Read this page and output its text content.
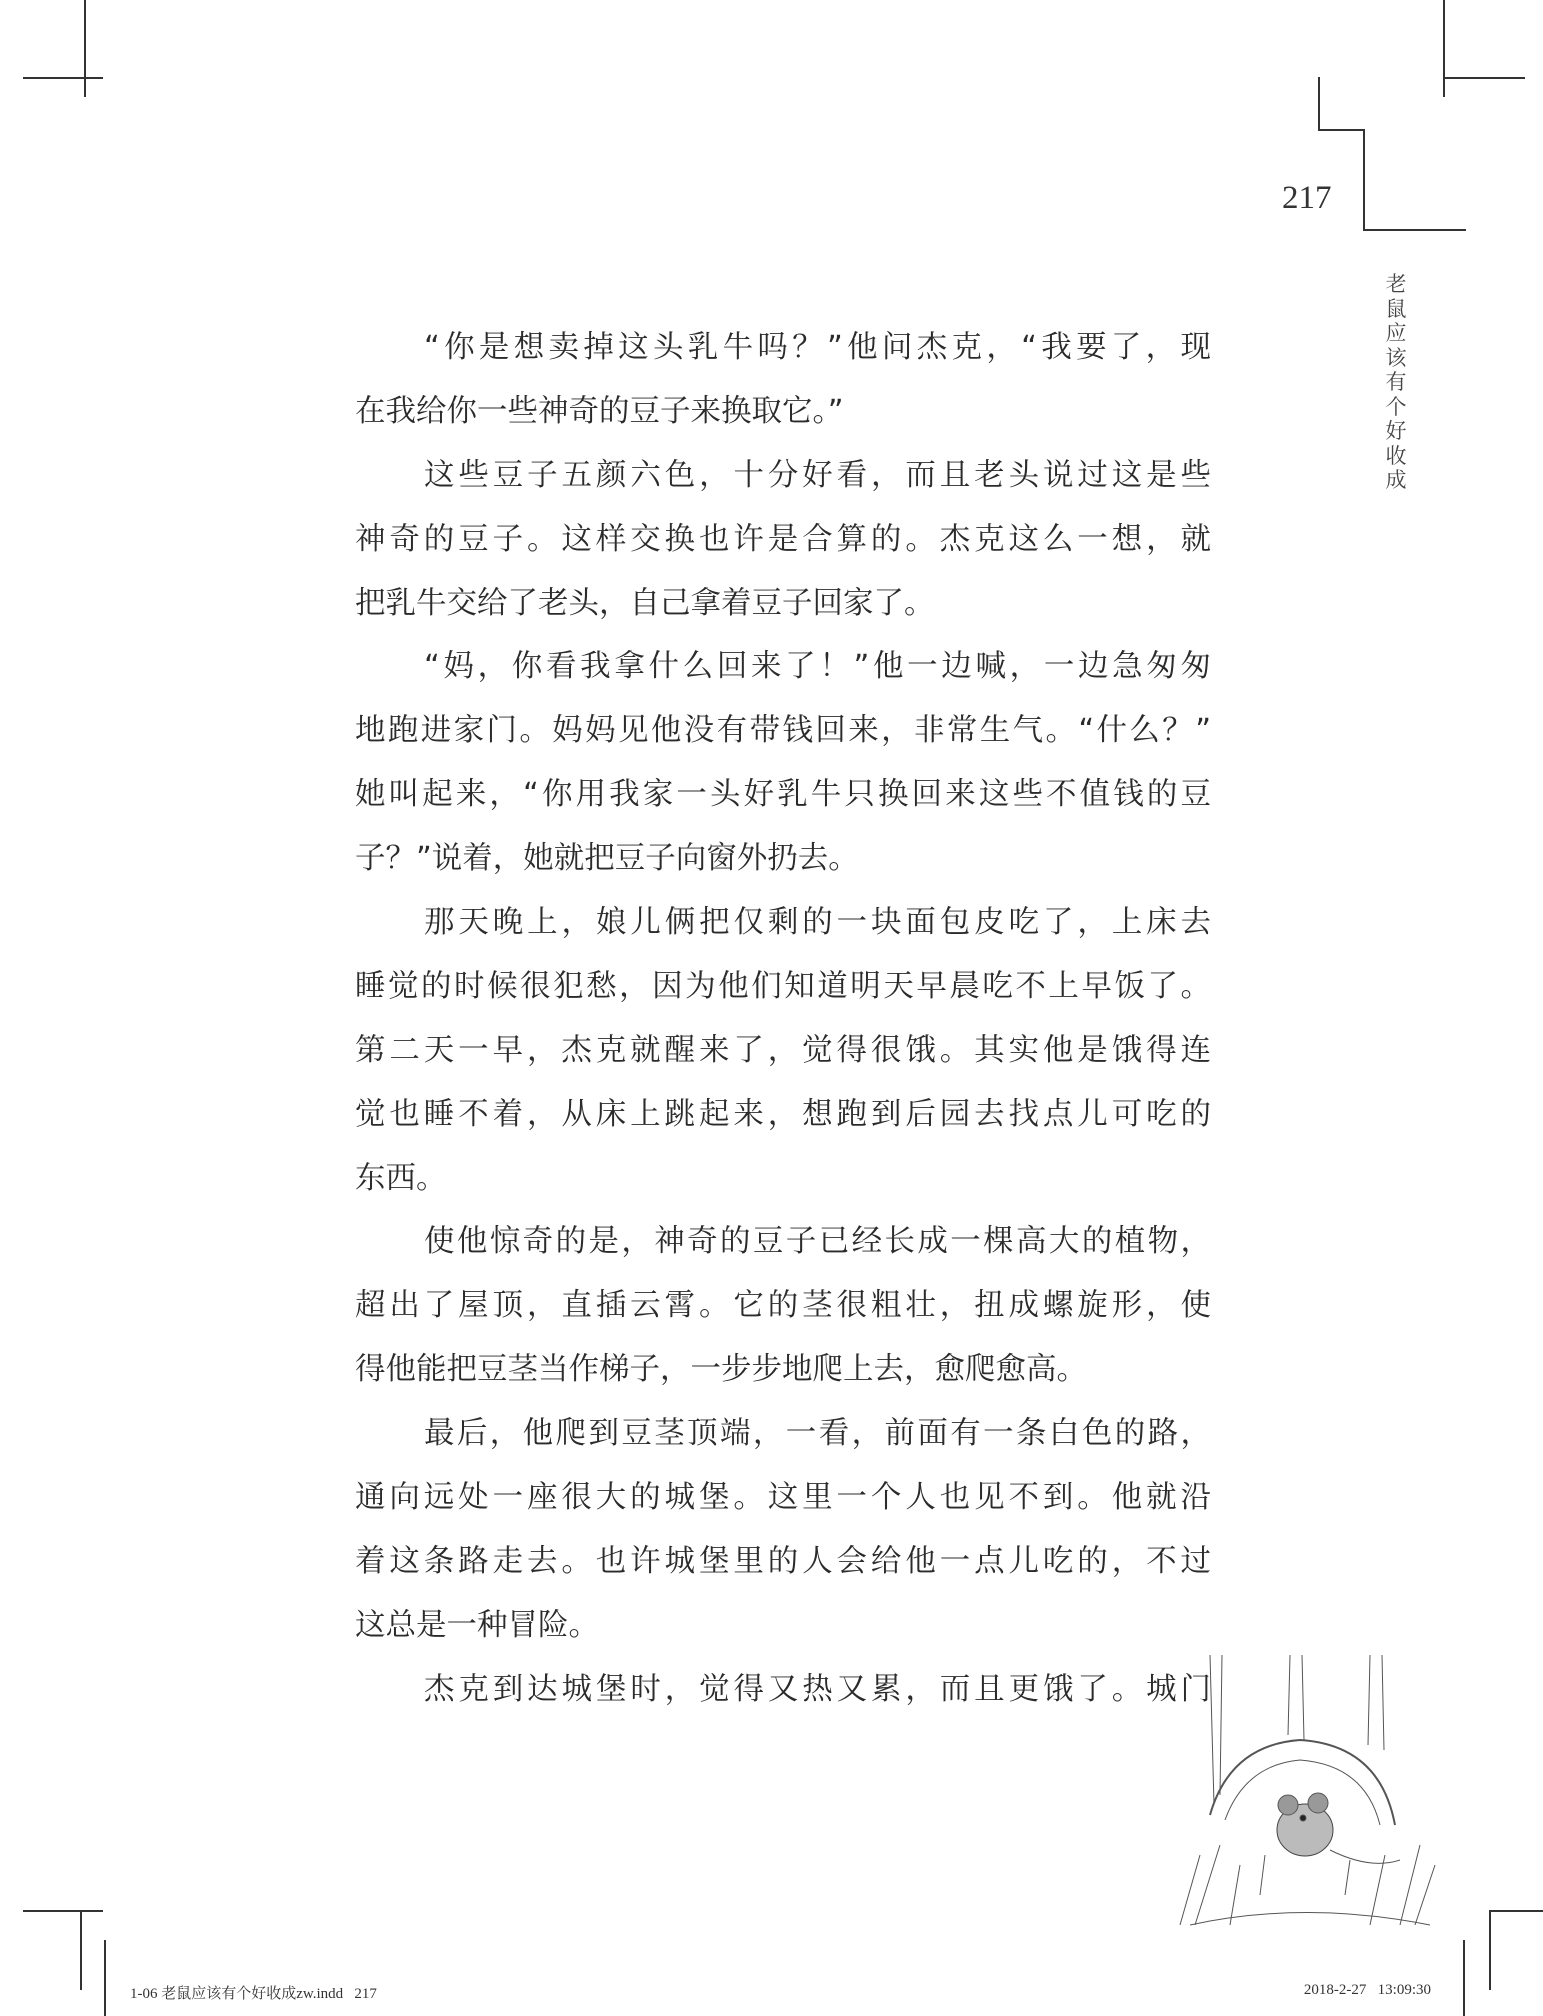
217
老
鼠
应
该
有
个
好
收
成
“你是想卖掉这头乳牛吗？”他问杰克，“我要了，现
在我给你一些神奇的豆子来换取它。”
这些豆子五颜六色，十分好看，而且老头说过这是些
神奇的豆子。这样交换也许是合算的。杰克这么一想，就
把乳牛交给了老头，自己拿着豆子回家了。
“妈，你看我拿什么回来了！”他一边喊，一边急匆匆
地跑进家门。妈妈见他没有带钱回来，非常生气。“什么？”
她叫起来，“你用我家一头好乳牛只换回来这些不值钱的豆
子？”说着，她就把豆子向窗外扔去。
那天晚上，娘儿俩把仅剩的一块面包皮吃了，上床去
睡觉的时候很犯愁，因为他们知道明天早晨吃不上早饭了。
第二天一早，杰克就醒来了，觉得很饿。其实他是饿得连
觉也睡不着，从床上跳起来，想跑到后园去找点儿可吃的
东西。
使他惊奇的是，神奇的豆子已经长成一棵高大的植物，
超出了屋顶，直插云霄。它的茎很粗壮，扭成螺旋形，使
得他能把豆茎当作梯子，一步步地爬上去，愈爬愈高。
最后，他爬到豆茎顶端，一看，前面有一条白色的路，
通向远处一座很大的城堡。这里一个人也见不到。他就沿
着这条路走去。也许城堡里的人会给他一点儿吃的，不过
这总是一种冒险。
杰克到达城堡时，觉得又热又累，而且更饿了。城门
1-06 老鼠应该有个好收成zw.indd   217	2018-2-27   13:09:30
